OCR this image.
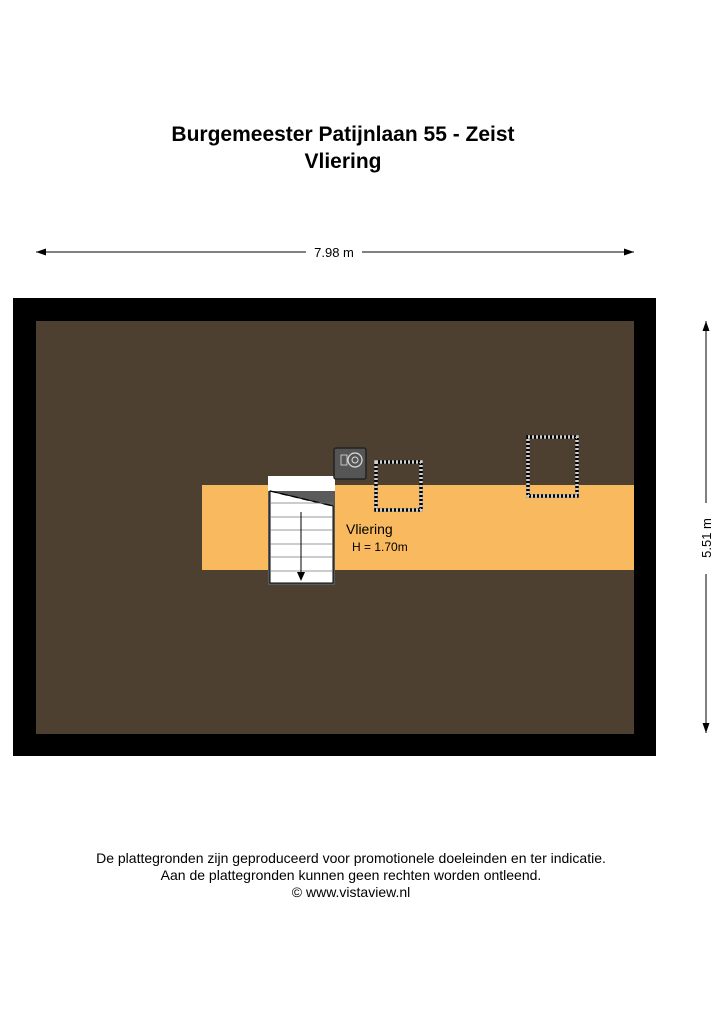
Burgemeester Patijnlaan 55 - Zeist
Vliering
7.98 m
5.51 m
Vliering
H = 1.70m
De plattegronden zijn geproduceerd voor promotionele doeleinden en ter indicatie.
Aan de plattegronden kunnen geen rechten worden ontleend.
© www.vistaview.nl
